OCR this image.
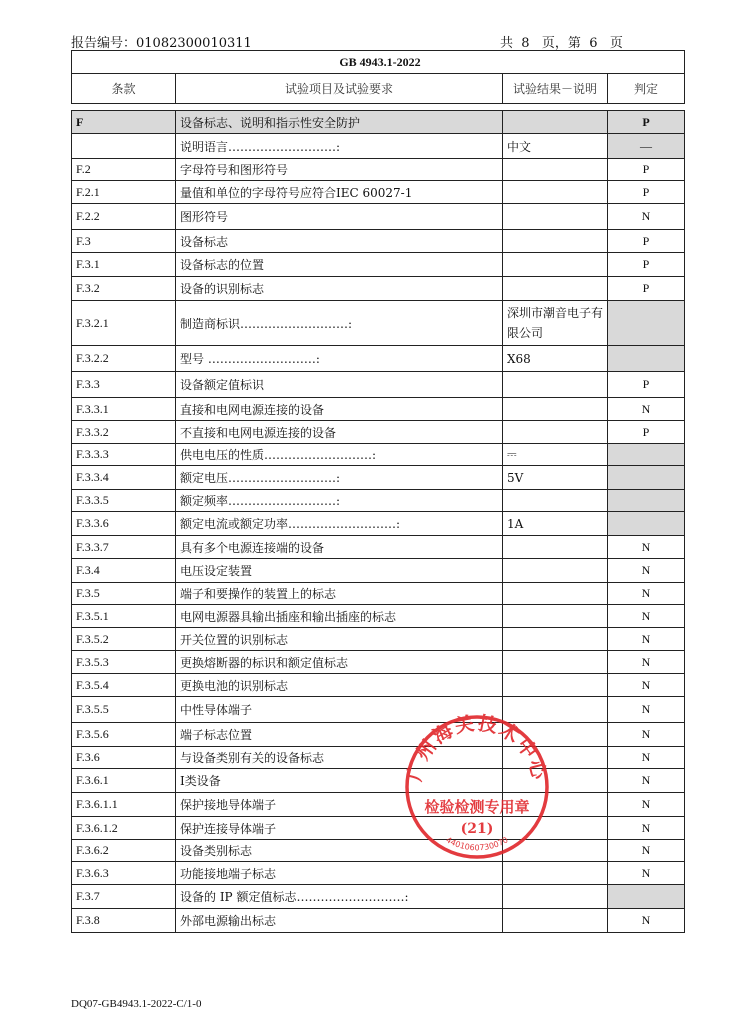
报告编号：01082300010311	共  8   页，第  6   页
GB 4943.1-2022
条款	试验项目及试验要求	试验结果－说明	判定
F	设备标志、说明和指示性安全防护		P
	说明语言………………………:	中文	—
F.2	字母符号和图形符号		P
F.2.1	量值和单位的字母符号应符合IEC 60027-1		P
F.2.2	图形符号		N
F.3	设备标志		P
F.3.1	设备标志的位置		P
F.3.2	设备的识别标志		P
F.3.2.1	制造商标识………………………:	深圳市潮音电子有限公司	
F.3.2.2	型号 ………………………:	X68	
F.3.3	设备额定值标识		P
F.3.3.1	直接和电网电源连接的设备		N
F.3.3.2	不直接和电网电源连接的设备		P
F.3.3.3	供电电压的性质………………………:	⎓	
F.3.3.4	额定电压………………………:	5V	
F.3.3.5	额定频率………………………:		
F.3.3.6	额定电流或额定功率………………………:	1A	
F.3.3.7	具有多个电源连接端的设备		N
F.3.4	电压设定装置		N
F.3.5	端子和要操作的装置上的标志		N
F.3.5.1	电网电源器具输出插座和输出插座的标志		N
F.3.5.2	开关位置的识别标志		N
F.3.5.3	更换熔断器的标识和额定值标志		N
F.3.5.4	更换电池的识别标志		N
F.3.5.5	中性导体端子		N
F.3.5.6	端子标志位置		N
F.3.6	与设备类别有关的设备标志		N
F.3.6.1	Ⅰ类设备		N
F.3.6.1.1	保护接地导体端子		N
F.3.6.1.2	保护连接导体端子		N
F.3.6.2	设备类别标志		N
F.3.6.3	功能接地端子标志		N
F.3.7	设备的 IP 额定值标志………………………:		
F.3.8	外部电源输出标志		N
广州海关技术中心
检验检测专用章
(21)
4401060730070
DQ07-GB4943.1-2022-C/1-0
